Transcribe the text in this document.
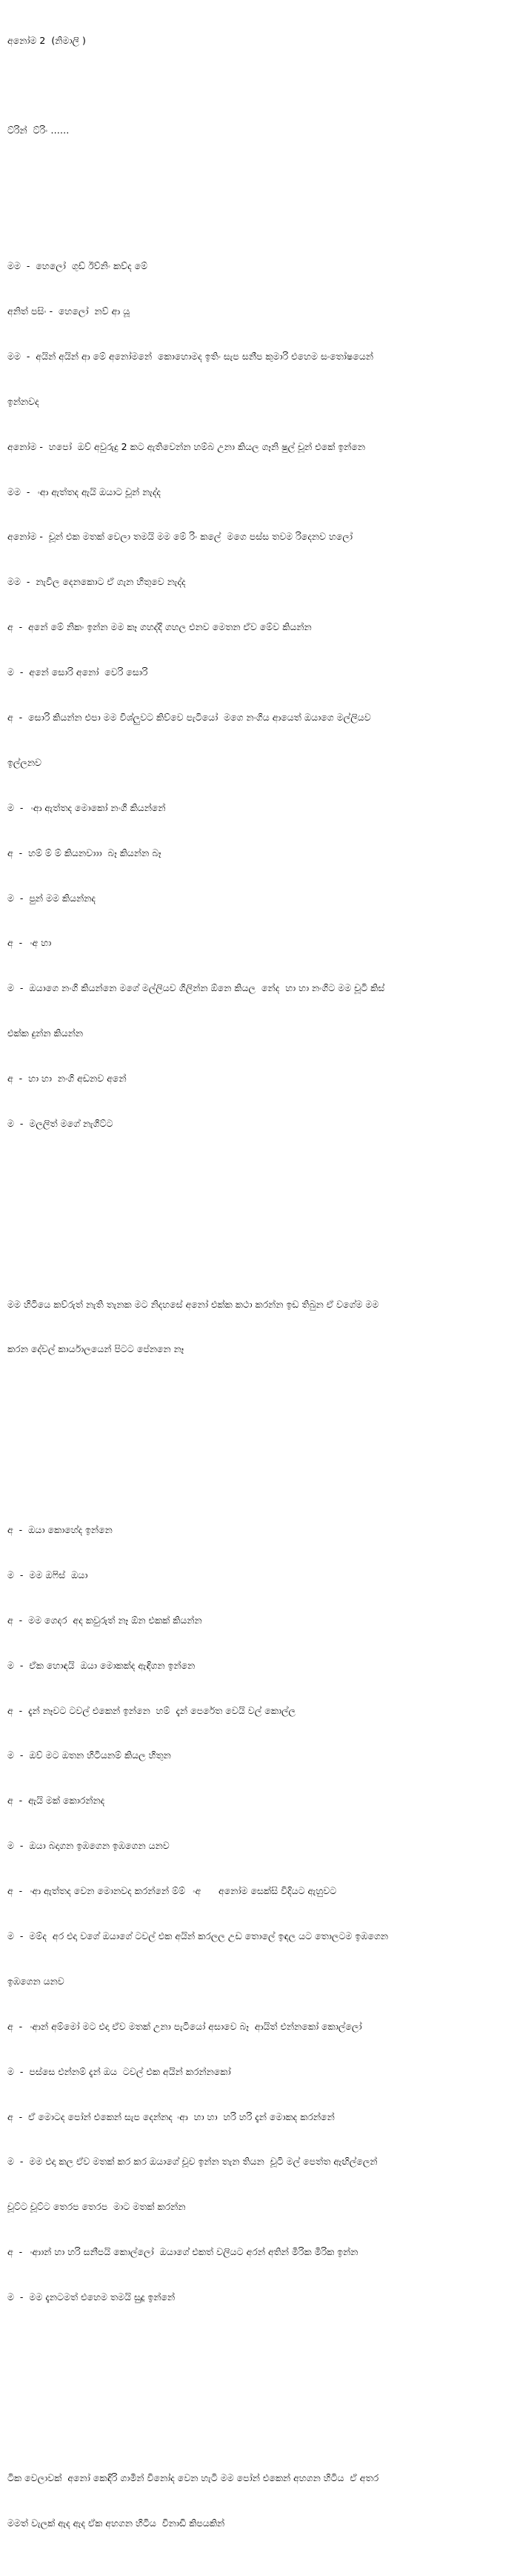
අනෝම 2  (නිමාලි )

ට්රින්  ට්රිං ……

මම  -  හෙලෝ  ගුඩ් ඊව්නිං කව්ද මේ

අනිත් පසිං -  හෙලෝ  නව් ආ යූ

මම  -  අයින් අයින් ආ මේ අනෝමනේ  කොහොමද ඉතිං සැප සනීප කුමාරි එහෙම සංතෝෂයෙන්

ඉන්නවද

අනෝම -  හපෝ  ඔව් අවුරුදු 2 කට ඇතිවෙන්න හම්බ උනා කියල ගෑනි ෂුල් චූන් එකේ ඉන්නෙ

මම  -  ංආ ඇත්තද ඇයි ඔයාට චූන් නැද්ද

අනෝම -  චූන් එක මතක් වෙලා තමයි මම මේ රිං කලේ  මගෙ පස්ස තවම රිදෙනව හලෝ

මම  -  නැවිල දෙනකොට ඒ ගැන හිතුවෙ නැද්ද

අ  -  අනේ මේ නිකං ඉන්න මම කෑ ගහද්දි ගහල එනව මෙතන ඒව මේව කියන්න

ම  -  අනේ සොරි අනෝ  වෙරි සොරි

අ  -  සොරි කියන්න එපා මම විශ්ලුවට කිව්වෙ පැටියෝ  මගෙ නංගිය ආයෙත් ඔයාගෙ මල්ලියව

ඉල්ලනව

ම  -  ංආ ඇත්තද මොකෝ නංගි කියන්නේ

අ  -  හම් ම් ම් කියනවාාා  බෑ කියන්න බෑ

ම  -  පුන් මම කියන්නද

අ  -  ංඅ හා

ම  -  ඔයාගෙ නංගි කියන්නෙ මගේ මල්ලියව ගිලින්න ඕනෙ කියල  නේද  හා හා නංගිට මම චූටි කිස්

එක්ක දුන්න කියන්න

අ  -  හා හා  නංගි අඩනව අනේ

ම  -  මලලිත් මගේ නැගිට්ට

මම හිටියෙ කව්රුත් නැති තැනක මට නිදහසේ අනෝ එක්ක කථා කරන්න ඉඩ තිබුන ඒ වගේම මම

කරන දේවල් කාර්යාලයෙන් පිටට පේනනෙ නෑ

අ  -  ඔයා කොහේද ඉන්නෙ

ම  -  මම ඔෆිස්  ඔයා

අ  -  මම ගෙදර  අද කවුරුත් නෑ ඕන එකක් කියන්න

ම  -  ඒක හොඳයි  ඔයා මොකක්ද ඇඳිගන ඉන්නෙ

අ  -  දැන් නෑවට ටවල් එකෙන් ඉන්නෙ  හම්  දැන් පෙරේත වෙයි වල් කොල්ල

ම  -  ඔව් මට ඔතන හිටියනම් කියල හිතුන

අ  -  ඇයි මක් කොරන්නද

ම  -  ඔයා බදාගන ඉඹගෙන ඉඹගෙන යනව

අ  -  ංආ ඇත්තද වෙන මොනවද කරන්නේ ම්ම්  ංඅ      අනෝම සෙක්සි විදියට ඇහුවට

ම  -  මම්ද  අර එදා වගේ ඔයාගේ ටවල් එක අයින් කරලල උඩ තොලේ ඉඳල යට තොලටම ඉඹගෙන

ඉඹගෙන යනව

අ  -  ංආන් අම්මෝ මට එදා ඒව මතක් උනා පැටියෝ අසාවෙ බෑ  ආයිත් එන්නකෝ කොල්ලෝ

ම  -  පස්සෙ එන්නම් දැන් ඔය  ටවල් එක අයින් කරන්නකෝ

අ  -  ඒ මොටද පෝන් එකෙන් සැප දෙන්නද ංආ  හා හා  හරි හරි දැන් මොකද කරන්නේ

ම  -  මම එදා කල ඒව මතක් කර කර ඔයාගේ චූව ඉන්න තැන තියන  චූටි මල් පෙත්ත ඇඟිල්ලෙන්

චූට්ට චූට්ට තෙරප තෙරප  මාට මතක් කරන්න

අ  -  ංආාන් හා හරි සනීපයි කොල්ලෝ  ඔයාගේ එකත් වලියට අරන් අතින් මිරික මිරික ඉන්න

ම  -  මම දැනටමත් එහෙම තමයි සුදූ ඉන්නේ

ටික වෙලාවක්  අනෝ කෙඳිරි ගාමින් විනෝද වෙන හැටි මම පෝන් එකෙන් අහගන හිටිය  ඒ අතර

මමත් වැලක් ඇද ඇද ඒක අහගන හිටිය  විනාඩි කිපයකින්
